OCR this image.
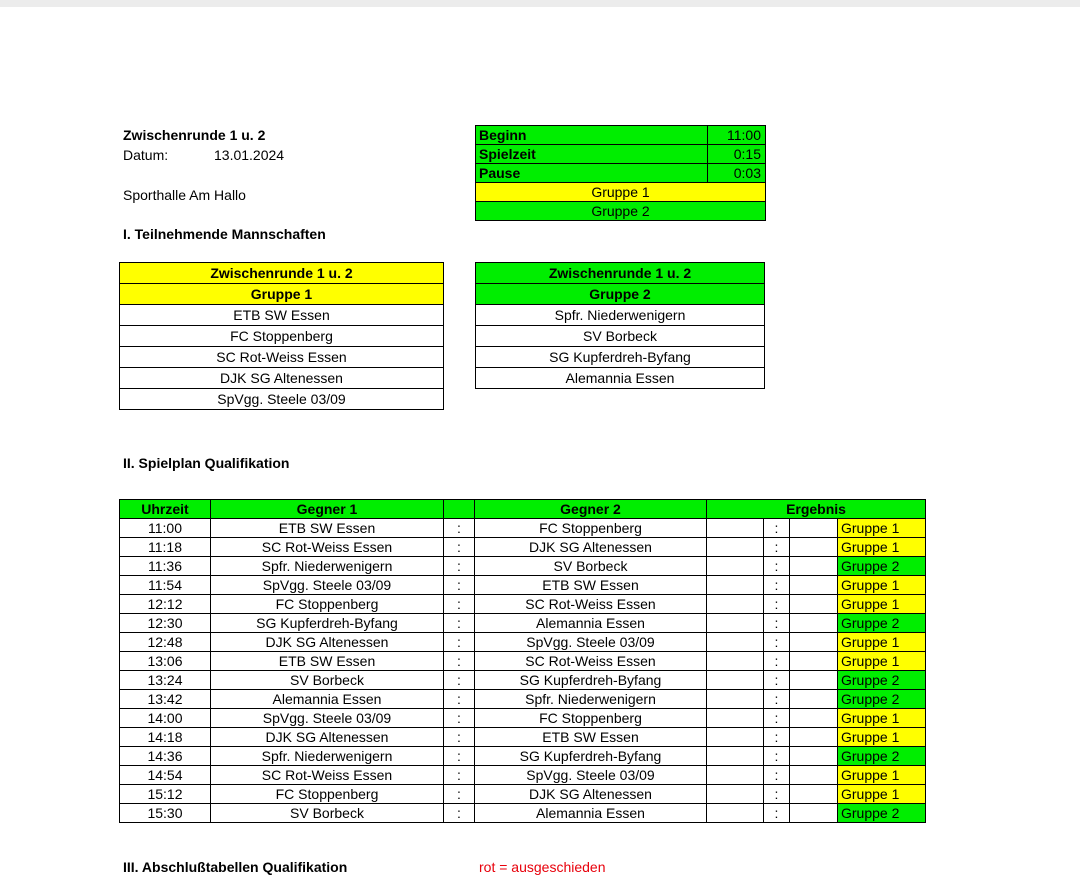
Zwischenrunde 1 u. 2
Datum:	13.01.2024
Sporthalle Am Hallo
Beginn	11:00
Spielzeit	0:15
Pause	0:03
Gruppe 1	
Gruppe 2	
I. Teilnehmende Mannschaften
Zwischenrunde 1 u. 2
Gruppe 1
ETB SW Essen
FC Stoppenberg
SC Rot-Weiss Essen
DJK SG Altenessen
SpVgg. Steele 03/09
Zwischenrunde 1 u. 2
Gruppe 2
Spfr. Niederwenigern
SV Borbeck
SG Kupferdreh-Byfang
Alemannia Essen
II. Spielplan Qualifikation
Uhrzeit	Gegner 1		Gegner 2	Ergebnis			
11:00	ETB SW Essen	:	FC Stoppenberg		:		Gruppe 1
11:18	SC Rot-Weiss Essen	:	DJK SG Altenessen		:		Gruppe 1
11:36	Spfr. Niederwenigern	:	SV Borbeck		:		Gruppe 2
11:54	SpVgg. Steele 03/09	:	ETB SW Essen		:		Gruppe 1
12:12	FC Stoppenberg	:	SC Rot-Weiss Essen		:		Gruppe 1
12:30	SG Kupferdreh-Byfang	:	Alemannia Essen		:		Gruppe 2
12:48	DJK SG Altenessen	:	SpVgg. Steele 03/09		:		Gruppe 1
13:06	ETB SW Essen	:	SC Rot-Weiss Essen		:		Gruppe 1
13:24	SV Borbeck	:	SG Kupferdreh-Byfang		:		Gruppe 2
13:42	Alemannia Essen	:	Spfr. Niederwenigern		:		Gruppe 2
14:00	SpVgg. Steele 03/09	:	FC Stoppenberg		:		Gruppe 1
14:18	DJK SG Altenessen	:	ETB SW Essen		:		Gruppe 1
14:36	Spfr. Niederwenigern	:	SG Kupferdreh-Byfang		:		Gruppe 2
14:54	SC Rot-Weiss Essen	:	SpVgg. Steele 03/09		:		Gruppe 1
15:12	FC Stoppenberg	:	DJK SG Altenessen		:		Gruppe 1
15:30	SV Borbeck	:	Alemannia Essen		:		Gruppe 2
III. Abschlußtabellen Qualifikation	rot = ausgeschieden
